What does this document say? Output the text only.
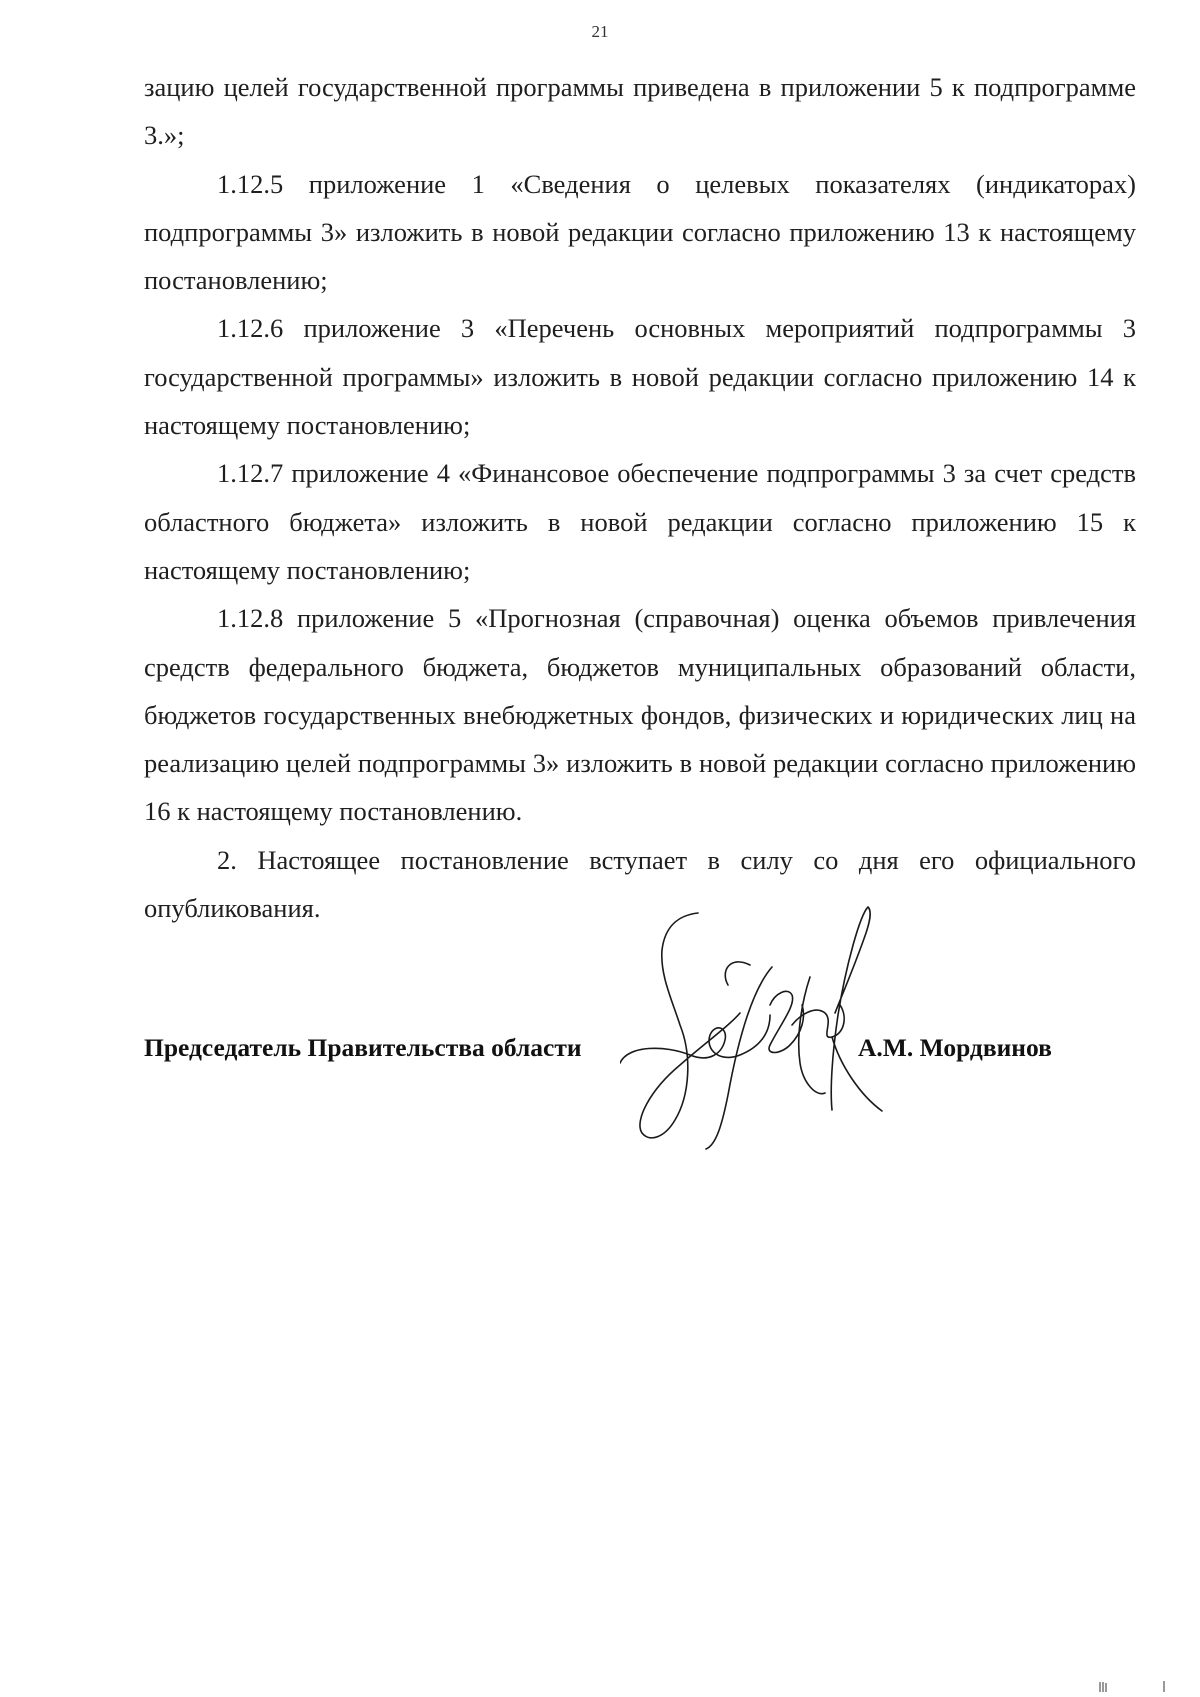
21

зацию целей государственной программы приведена в приложении 5 к подпрограмме 3.»;

1.12.5 приложение 1 «Сведения о целевых показателях (индикаторах) подпрограммы 3» изложить в новой редакции согласно приложению 13 к настоящему постановлению;

1.12.6 приложение 3 «Перечень основных мероприятий подпрограммы 3 государственной программы» изложить в новой редакции согласно приложению 14 к настоящему постановлению;

1.12.7 приложение 4 «Финансовое обеспечение подпрограммы 3 за счет средств областного бюджета» изложить в новой редакции согласно приложению 15 к настоящему постановлению;

1.12.8 приложение 5 «Прогнозная (справочная) оценка объемов привлечения средств федерального бюджета, бюджетов муниципальных образований области, бюджетов государственных внебюджетных фондов, физических и юридических лиц на реализацию целей подпрограммы 3» изложить в новой редакции согласно приложению 16 к настоящему постановлению.

2. Настоящее постановление вступает в силу со дня его официального опубликования.

Председатель Правительства области	А.М. Мордвинов
